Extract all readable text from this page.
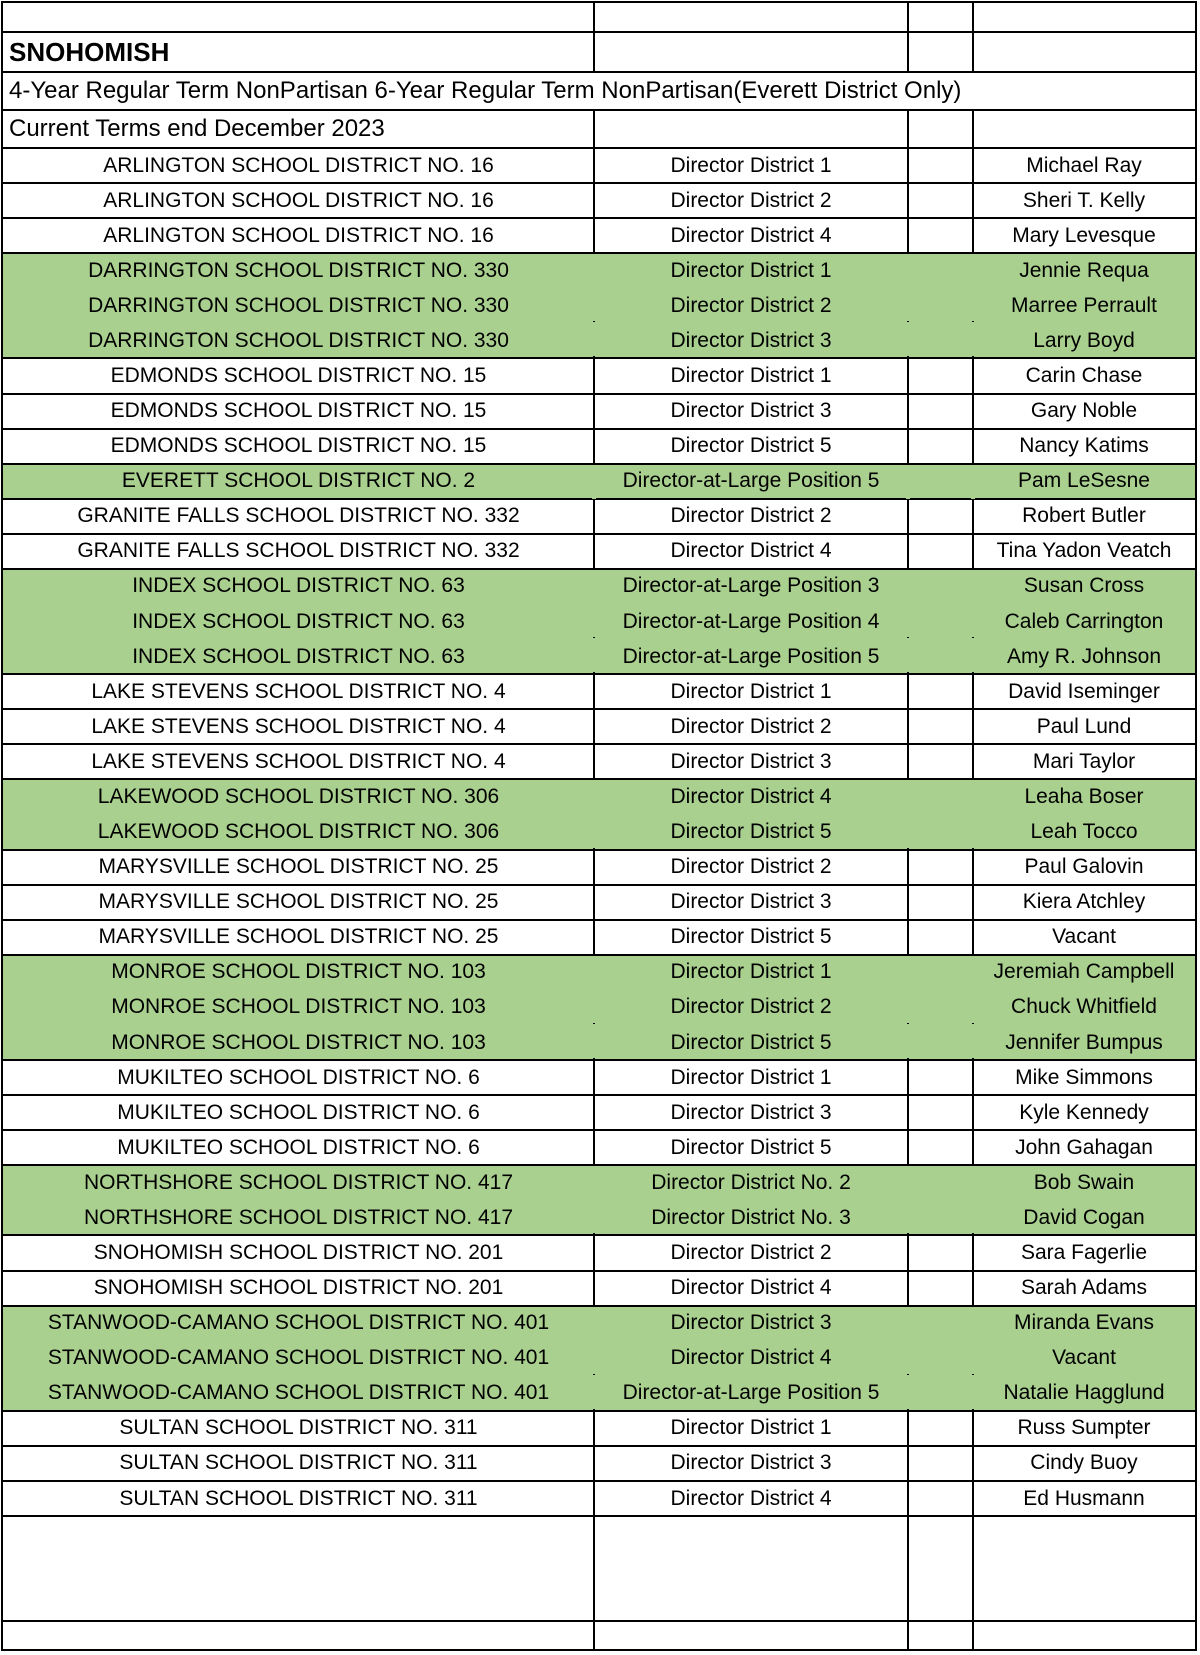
SNOHOMISH
4-Year Regular Term NonPartisan 6-Year Regular Term NonPartisan(Everett District Only)
Current Terms end December 2023
ARLINGTON SCHOOL DISTRICT NO. 16	Director District 1	Michael Ray
ARLINGTON SCHOOL DISTRICT NO. 16	Director District 2	Sheri T. Kelly
ARLINGTON SCHOOL DISTRICT NO. 16	Director District 4	Mary Levesque
DARRINGTON SCHOOL DISTRICT NO. 330	Director District 1	Jennie Requa
DARRINGTON SCHOOL DISTRICT NO. 330	Director District 2	Marree Perrault
DARRINGTON SCHOOL DISTRICT NO. 330	Director District 3	Larry Boyd
EDMONDS SCHOOL DISTRICT NO. 15	Director District 1	Carin Chase
EDMONDS SCHOOL DISTRICT NO. 15	Director District 3	Gary Noble
EDMONDS SCHOOL DISTRICT NO. 15	Director District 5	Nancy Katims
EVERETT SCHOOL DISTRICT NO. 2	Director-at-Large Position 5	Pam LeSesne
GRANITE FALLS SCHOOL DISTRICT NO. 332	Director District 2	Robert Butler
GRANITE FALLS SCHOOL DISTRICT NO. 332	Director District 4	Tina Yadon Veatch
INDEX SCHOOL DISTRICT NO. 63	Director-at-Large Position 3	Susan Cross
INDEX SCHOOL DISTRICT NO. 63	Director-at-Large Position 4	Caleb Carrington
INDEX SCHOOL DISTRICT NO. 63	Director-at-Large Position 5	Amy R. Johnson
LAKE STEVENS SCHOOL DISTRICT NO. 4	Director District 1	David Iseminger
LAKE STEVENS SCHOOL DISTRICT NO. 4	Director District 2	Paul Lund
LAKE STEVENS SCHOOL DISTRICT NO. 4	Director District 3	Mari Taylor
LAKEWOOD SCHOOL DISTRICT NO. 306	Director District 4	Leaha Boser
LAKEWOOD SCHOOL DISTRICT NO. 306	Director District 5	Leah Tocco
MARYSVILLE SCHOOL DISTRICT NO. 25	Director District 2	Paul Galovin
MARYSVILLE SCHOOL DISTRICT NO. 25	Director District 3	Kiera Atchley
MARYSVILLE SCHOOL DISTRICT NO. 25	Director District 5	Vacant
MONROE SCHOOL DISTRICT NO. 103	Director District 1	Jeremiah Campbell
MONROE SCHOOL DISTRICT NO. 103	Director District 2	Chuck Whitfield
MONROE SCHOOL DISTRICT NO. 103	Director District 5	Jennifer Bumpus
MUKILTEO SCHOOL DISTRICT NO. 6	Director District 1	Mike Simmons
MUKILTEO SCHOOL DISTRICT NO. 6	Director District 3	Kyle Kennedy
MUKILTEO SCHOOL DISTRICT NO. 6	Director District 5	John Gahagan
NORTHSHORE SCHOOL DISTRICT NO. 417	Director District No. 2	Bob Swain
NORTHSHORE SCHOOL DISTRICT NO. 417	Director District No. 3	David Cogan
SNOHOMISH SCHOOL DISTRICT NO. 201	Director District 2	Sara Fagerlie
SNOHOMISH SCHOOL DISTRICT NO. 201	Director District 4	Sarah Adams
STANWOOD-CAMANO SCHOOL DISTRICT NO. 401	Director District 3	Miranda Evans
STANWOOD-CAMANO SCHOOL DISTRICT NO. 401	Director District 4	Vacant
STANWOOD-CAMANO SCHOOL DISTRICT NO. 401	Director-at-Large Position 5	Natalie Hagglund
SULTAN SCHOOL DISTRICT NO. 311	Director District 1	Russ Sumpter
SULTAN SCHOOL DISTRICT NO. 311	Director District 3	Cindy Buoy
SULTAN SCHOOL DISTRICT NO. 311	Director District 4	Ed Husmann
